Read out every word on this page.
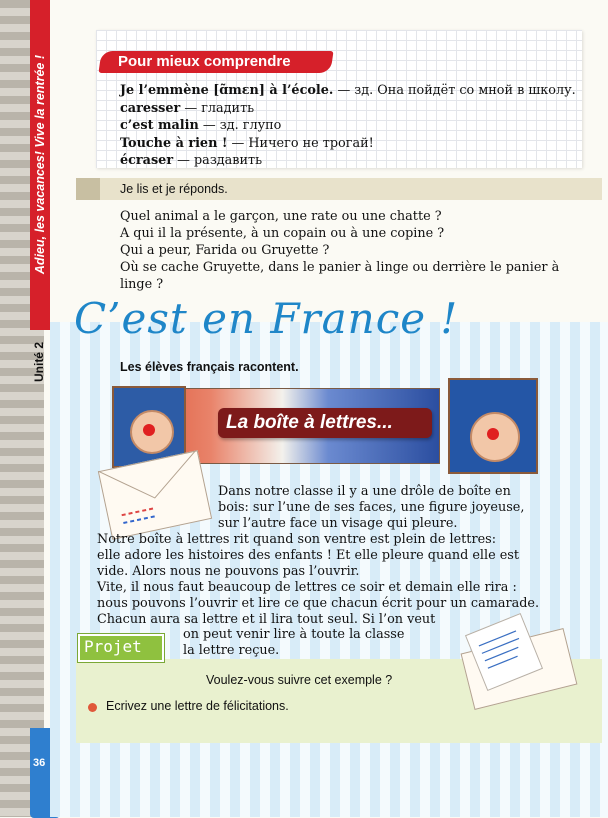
Adieu, les vacances! Vive la rentrée !
Unité 2
36
Pour mieux comprendre
Je l’emmène [ɑ̃mɛn] à l’école. — зд. Она пойдёт со мной в школу.
caresser — гладить
c’est malin — зд. глупо
Touche à rien ! — Ничего не трогай!
écraser — раздавить
Je lis et je réponds.
Quel animal a le garçon, une rate ou une chatte ?
A qui il la présente, à un copain ou à une copine ?
Qui a peur, Farida ou Gruyette ?
Où se cache Gruyette, dans le panier à linge ou derrière le panier à linge ?
C’est en France !
Les élèves français racontent.
La boîte à lettres...
Dans notre classe il y a une drôle de boîte en
bois: sur l’une de ses faces, une figure joyeuse,
sur l’autre face un visage qui pleure.
Notre boîte à lettres rit quand son ventre est plein de lettres:
elle adore les histoires des enfants ! Et elle pleure quand elle est
vide. Alors nous ne pouvons pas l’ouvrir.
Vite, il nous faut beaucoup de lettres ce soir et demain elle rira :
nous pouvons l’ouvrir et lire ce que chacun écrit pour un camarade.
Chacun aura sa lettre et il lira tout seul. Si l’on veut
on peut venir lire à toute la classe
la lettre reçue.
Projet
Voulez-vous suivre cet exemple ?
Ecrivez une lettre de félicitations.
